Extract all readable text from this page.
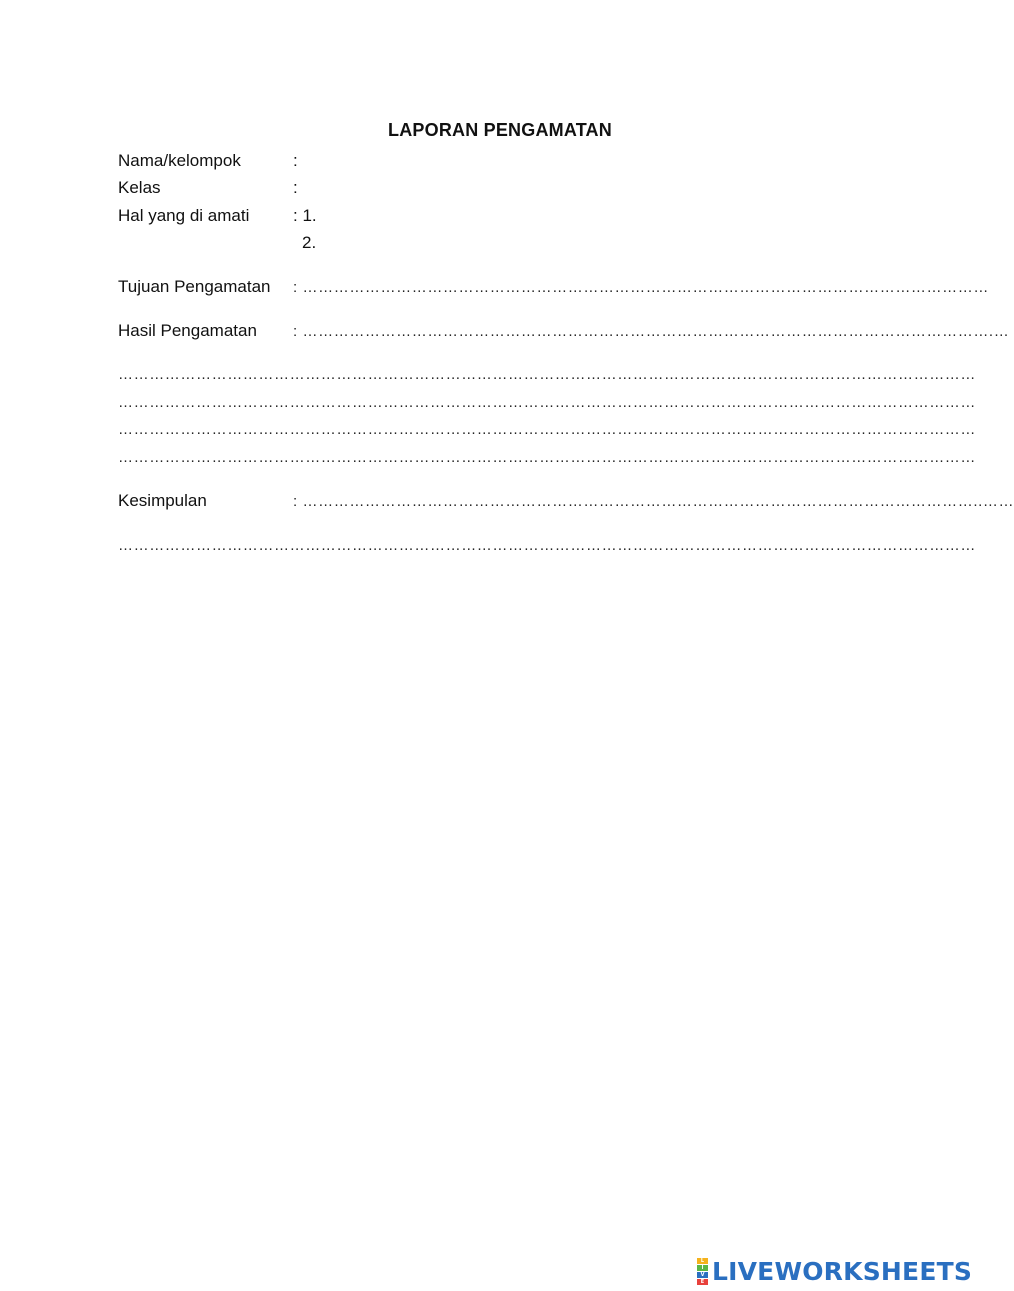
LAPORAN PENGAMATAN
Nama/kelompok	:
Kelas	:
Hal yang di amati	: 1.
2.
Tujuan Pengamatan : ……………………………………………………………………………………………………………………
Hasil Pengamatan : …………………………………………………………………………………………………………………….…
…………………………………………………………………………………………………………………………………………………
…………………………………………………………………………………………………………………………………………………
…………………………………………………………………………………………………………………………………………………
…………………………………………………………………………………………………………………………………………………
Kesimpulan	: …………………………………………………………………………………………………………………..……
…………………………………………………………………………………………………………………………………………………
L
I
V
E LIVEWORKSHEETS
